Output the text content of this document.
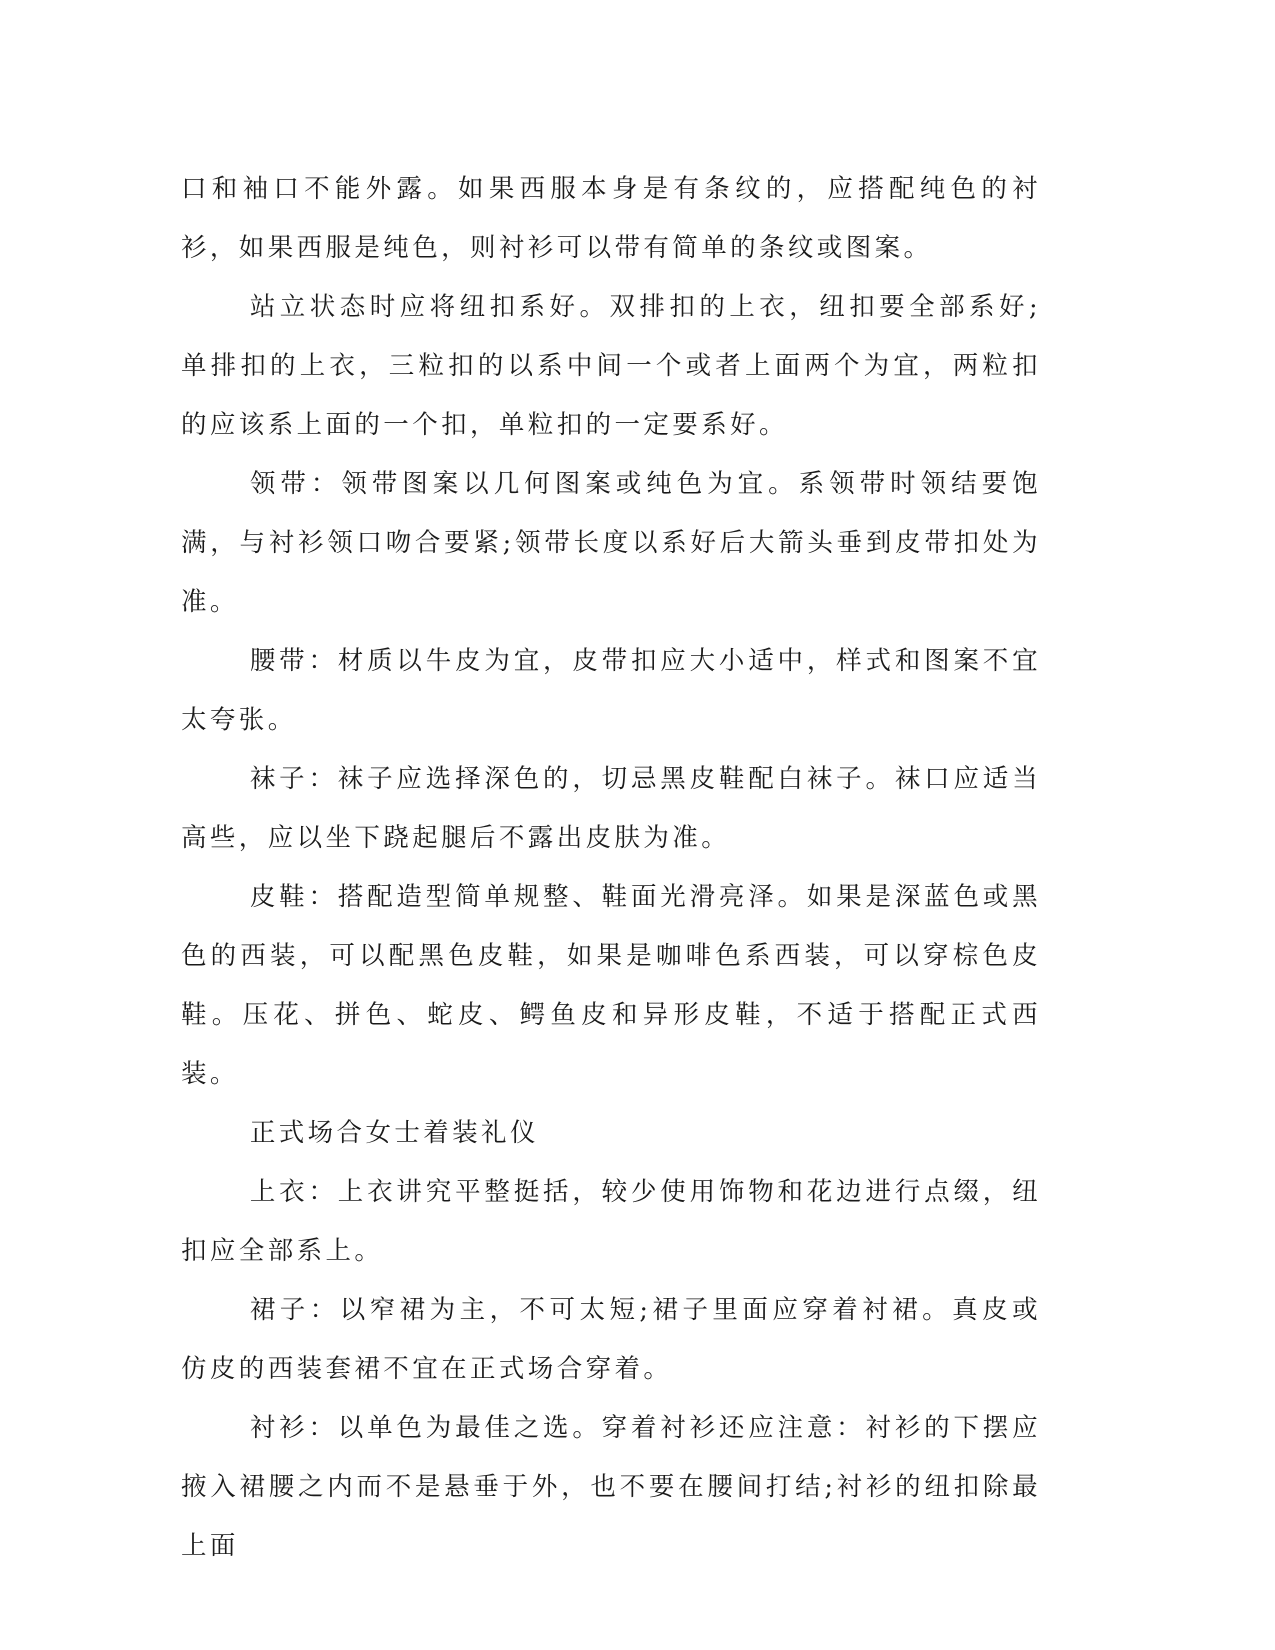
口和袖口不能外露。如果西服本身是有条纹的，应搭配纯色的衬衫，如果西服是纯色，则衬衫可以带有简单的条纹或图案。

站立状态时应将纽扣系好。双排扣的上衣，纽扣要全部系好;单排扣的上衣，三粒扣的以系中间一个或者上面两个为宜，两粒扣的应该系上面的一个扣，单粒扣的一定要系好。

领带：领带图案以几何图案或纯色为宜。系领带时领结要饱满，与衬衫领口吻合要紧;领带长度以系好后大箭头垂到皮带扣处为准。

腰带：材质以牛皮为宜，皮带扣应大小适中，样式和图案不宜太夸张。

袜子：袜子应选择深色的，切忌黑皮鞋配白袜子。袜口应适当高些，应以坐下跷起腿后不露出皮肤为准。

皮鞋：搭配造型简单规整、鞋面光滑亮泽。如果是深蓝色或黑色的西装，可以配黑色皮鞋，如果是咖啡色系西装，可以穿棕色皮鞋。压花、拼色、蛇皮、鳄鱼皮和异形皮鞋，不适于搭配正式西装。

正式场合女士着装礼仪

上衣：上衣讲究平整挺括，较少使用饰物和花边进行点缀，纽扣应全部系上。

裙子：以窄裙为主，不可太短;裙子里面应穿着衬裙。真皮或仿皮的西装套裙不宜在正式场合穿着。

衬衫：以单色为最佳之选。穿着衬衫还应注意：衬衫的下摆应掖入裙腰之内而不是悬垂于外，也不要在腰间打结;衬衫的纽扣除最上面
